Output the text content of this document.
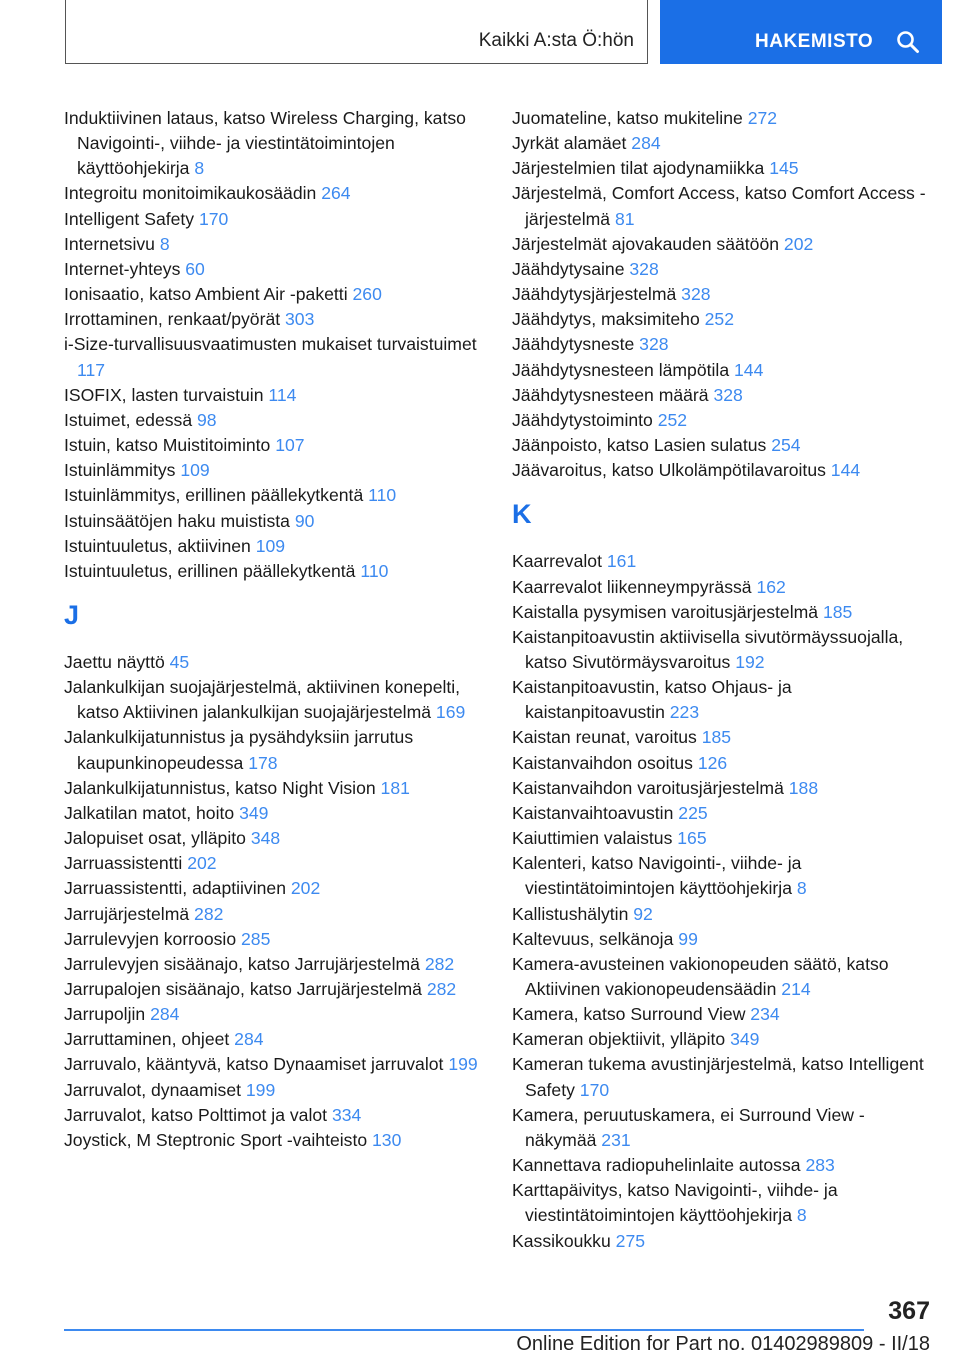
Kaikki A:sta Ö:hön	HAKEMISTO
Induktiivinen lataus, katso Wireless Charging, katso Navigointi-, viihde- ja viestintätoimintojen käyttöohjekirja 8
Integroitu monitoimikaukosäädin 264
Intelligent Safety 170
Internetsivu 8
Internet-yhteys 60
Ionisaatio, katso Ambient Air -paketti 260
Irrottaminen, renkaat/pyörät 303
i-Size-turvallisuusvaatimusten mukaiset turvaistuimet 117
ISOFIX, lasten turvaistuin 114
Istuimet, edessä 98
Istuin, katso Muistitoiminto 107
Istuinlämmitys 109
Istuinlämmitys, erillinen päällekytkentä 110
Istuinsäätöjen haku muistista 90
Istuintuuletus, aktiivinen 109
Istuintuuletus, erillinen päällekytkentä 110
J
Jaettu näyttö 45
Jalankulkijan suojajärjestelmä, aktiivinen konepelti, katso Aktiivinen jalankulkijan suojajärjestelmä 169
Jalankulkijatunnistus ja pysähdyksiin jarrutus kaupunkinopeudessa 178
Jalankulkijatunnistus, katso Night Vision 181
Jalkatilan matot, hoito 349
Jalopuiset osat, ylläpito 348
Jarruassistentti 202
Jarruassistentti, adaptiivinen 202
Jarrujärjestelmä 282
Jarrulevyjen korroosio 285
Jarrulevyjen sisäänajo, katso Jarrujärjestelmä 282
Jarrupalojen sisäänajo, katso Jarrujärjestelmä 282
Jarrupoljin 284
Jarruttaminen, ohjeet 284
Jarruvalo, kääntyvä, katso Dynaamiset jarruvalot 199
Jarruvalot, dynaamiset 199
Jarruvalot, katso Polttimot ja valot 334
Joystick, M Steptronic Sport -vaihteisto 130
Juomateline, katso mukiteline 272
Jyrkät alamäet 284
Järjestelmien tilat ajodynamiikka 145
Järjestelmä, Comfort Access, katso Comfort Access -järjestelmä 81
Järjestelmät ajovakauden säätöön 202
Jäähdytysaine 328
Jäähdytysjärjestelmä 328
Jäähdytys, maksimiteho 252
Jäähdytysneste 328
Jäähdytysnesteen lämpötila 144
Jäähdytysnesteen määrä 328
Jäähdytystoiminto 252
Jäänpoisto, katso Lasien sulatus 254
Jäävaroitus, katso Ulkolämpötilavaroitus 144
K
Kaarrevalot 161
Kaarrevalot liikenneympyrässä 162
Kaistalla pysymisen varoitusjärjestelmä 185
Kaistanpitoavustin aktiivisella sivutörmäyssuojalla, katso Sivutörmäysvaroitus 192
Kaistanpitoavustin, katso Ohjaus- ja kaistanpitoavustin 223
Kaistan reunat, varoitus 185
Kaistanvaihdon osoitus 126
Kaistanvaihdon varoitusjärjestelmä 188
Kaistanvaihtoavustin 225
Kaiuttimien valaistus 165
Kalenteri, katso Navigointi-, viihde- ja viestintätoimintojen käyttöohjekirja 8
Kallistushälytin 92
Kaltevuus, selkänoja 99
Kamera-avusteinen vakionopeuden säätö, katso Aktiivinen vakionopeudensäädin 214
Kamera, katso Surround View 234
Kameran objektiivit, ylläpito 349
Kameran tukema avustinjärjestelmä, katso Intelligent Safety 170
Kamera, peruutuskamera, ei Surround View -näkymää 231
Kannettava radiopuhelinlaite autossa 283
Karttapäivitys, katso Navigointi-, viihde- ja viestintätoimintojen käyttöohjekirja 8
Kassikoukku 275
367
Online Edition for Part no. 01402989809 - II/18
